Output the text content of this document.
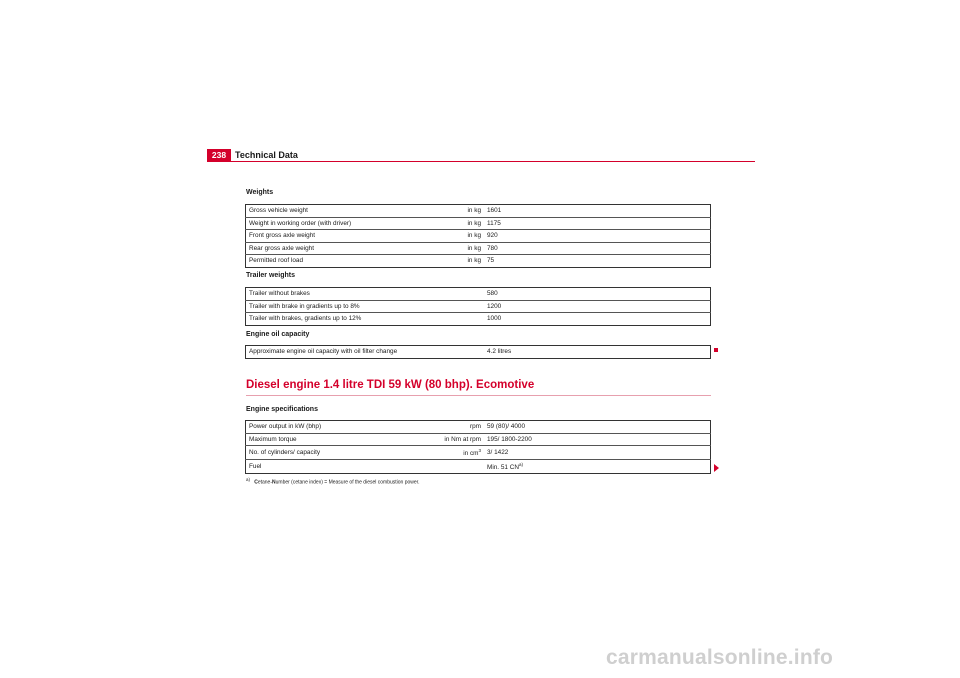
238 Technical Data
Weights
Gross vehicle weight	in kg	1601
Weight in working order (with driver)	in kg	1175
Front gross axle weight	in kg	920
Rear gross axle weight	in kg	780
Permitted roof load	in kg	75
Trailer weights
Trailer without brakes		580
Trailer with brake in gradients up to 8%		1200
Trailer with brakes, gradients up to 12%		1000
Engine oil capacity
Approximate engine oil capacity with oil filter change		4.2 litres
Diesel engine 1.4 litre TDI 59 kW (80 bhp). Ecomotive
Engine specifications
Power output in kW (bhp)	rpm	59 (80)/ 4000
Maximum torque	in Nm at rpm	195/ 1800-2200
No. of cylinders/ capacity	in $cm^3$	3/ 1422
Fuel		Min. 51 CN$^{a)}$
$^{a)}$   Cetane-Number (cetane index) = Measure of the diesel combustion power.
carmanualsonline.info
